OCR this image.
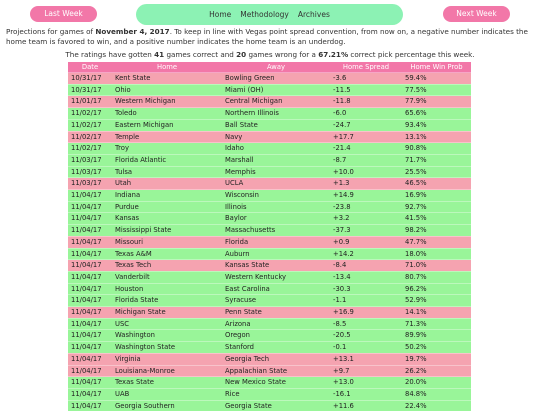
Last Week	Home Methodology Archives	Next Week

Projections for games of November 4, 2017. To keep in line with Vegas point spread convention, from now on, a negative number indicates the home team is favored to win, and a positive number indicates the home team is an underdog.

The ratings have gotten 41 games correct and 20 games wrong for a 67.21% correct pick percentage this week.

Date	Home	Away	Home Spread	Home Win Prob
10/31/17	Kent State	Bowling Green	-3.6	59.4%
10/31/17	Ohio	Miami (OH)	-11.5	77.5%
11/01/17	Western Michigan	Central Michigan	-11.8	77.9%
11/02/17	Toledo	Northern Illinois	-6.0	65.6%
11/02/17	Eastern Michigan	Ball State	-24.7	93.4%
11/02/17	Temple	Navy	+17.7	13.1%
11/02/17	Troy	Idaho	-21.4	90.8%
11/03/17	Florida Atlantic	Marshall	-8.7	71.7%
11/03/17	Tulsa	Memphis	+10.0	25.5%
11/03/17	Utah	UCLA	+1.3	46.5%
11/04/17	Indiana	Wisconsin	+14.9	16.9%
11/04/17	Purdue	Illinois	-23.8	92.7%
11/04/17	Kansas	Baylor	+3.2	41.5%
11/04/17	Mississippi State	Massachusetts	-37.3	98.2%
11/04/17	Missouri	Florida	+0.9	47.7%
11/04/17	Texas A&M	Auburn	+14.2	18.0%
11/04/17	Texas Tech	Kansas State	-8.4	71.0%
11/04/17	Vanderbilt	Western Kentucky	-13.4	80.7%
11/04/17	Houston	East Carolina	-30.3	96.2%
11/04/17	Florida State	Syracuse	-1.1	52.9%
11/04/17	Michigan State	Penn State	+16.9	14.1%
11/04/17	USC	Arizona	-8.5	71.3%
11/04/17	Washington	Oregon	-20.5	89.9%
11/04/17	Washington State	Stanford	-0.1	50.2%
11/04/17	Virginia	Georgia Tech	+13.1	19.7%
11/04/17	Louisiana-Monroe	Appalachian State	+9.7	26.2%
11/04/17	Texas State	New Mexico State	+13.0	20.0%
11/04/17	UAB	Rice	-16.1	84.8%
11/04/17	Georgia Southern	Georgia State	+11.6	22.4%
